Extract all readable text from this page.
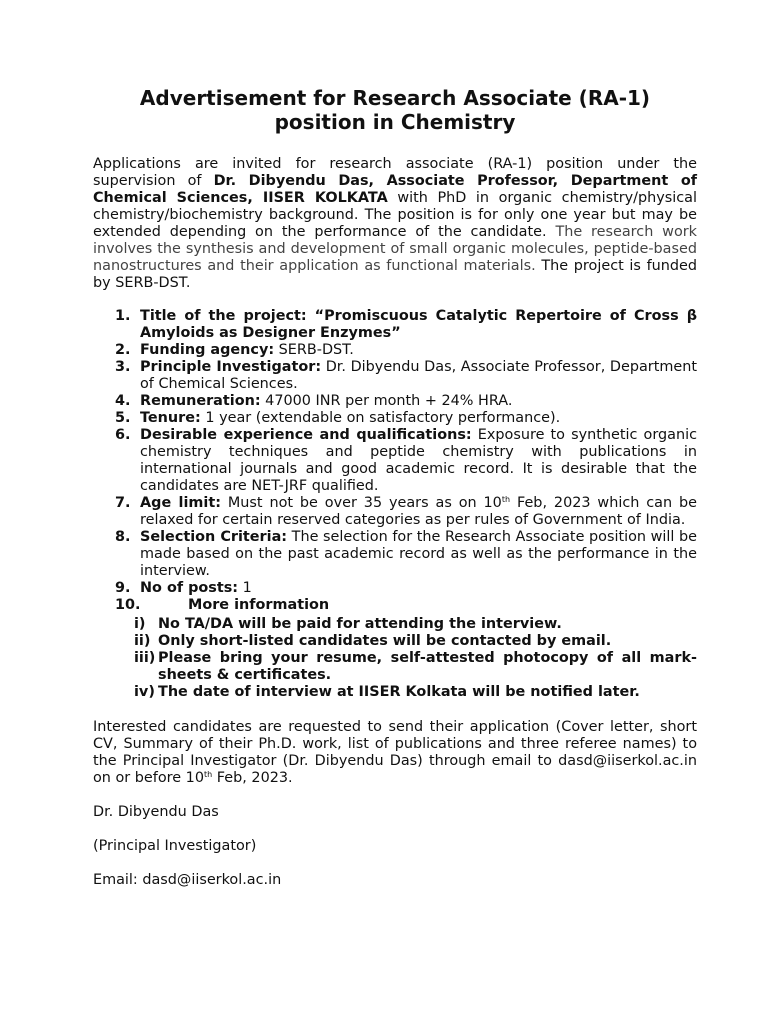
Advertisement for Research Associate (RA-1)
position in Chemistry

Applications are invited for research associate (RA-1) position under the supervision of Dr. Dibyendu Das, Associate Professor, Department of Chemical Sciences, IISER KOLKATA with PhD in organic chemistry/physical chemistry/biochemistry background. The position is for only one year but may be extended depending on the performance of the candidate. The research work involves the synthesis and development of small organic molecules, peptide-based nanostructures and their application as functional materials. The project is funded by SERB-DST.

1. Title of the project: “Promiscuous Catalytic Repertoire of Cross β Amyloids as Designer Enzymes”
2. Funding agency: SERB-DST.
3. Principle Investigator: Dr. Dibyendu Das, Associate Professor, Department of Chemical Sciences.
4. Remuneration: 47000 INR per month + 24% HRA.
5. Tenure: 1 year (extendable on satisfactory performance).
6. Desirable experience and qualifications: Exposure to synthetic organic chemistry techniques and peptide chemistry with publications in international journals and good academic record. It is desirable that the candidates are NET-JRF qualified.
7. Age limit: Must not be over 35 years as on 10th Feb, 2023 which can be relaxed for certain reserved categories as per rules of Government of India.
8. Selection Criteria: The selection for the Research Associate position will be made based on the past academic record as well as the performance in the interview.
9. No of posts: 1
10.	More information
i) No TA/DA will be paid for attending the interview.
ii) Only short-listed candidates will be contacted by email.
iii) Please bring your resume, self-attested photocopy of all mark-sheets & certificates.
iv) The date of interview at IISER Kolkata will be notified later.

Interested candidates are requested to send their application (Cover letter, short CV, Summary of their Ph.D. work, list of publications and three referee names) to the Principal Investigator (Dr. Dibyendu Das) through email to dasd@iiserkol.ac.in on or before 10th Feb, 2023.

Dr. Dibyendu Das
(Principal Investigator)
Email: dasd@iiserkol.ac.in
